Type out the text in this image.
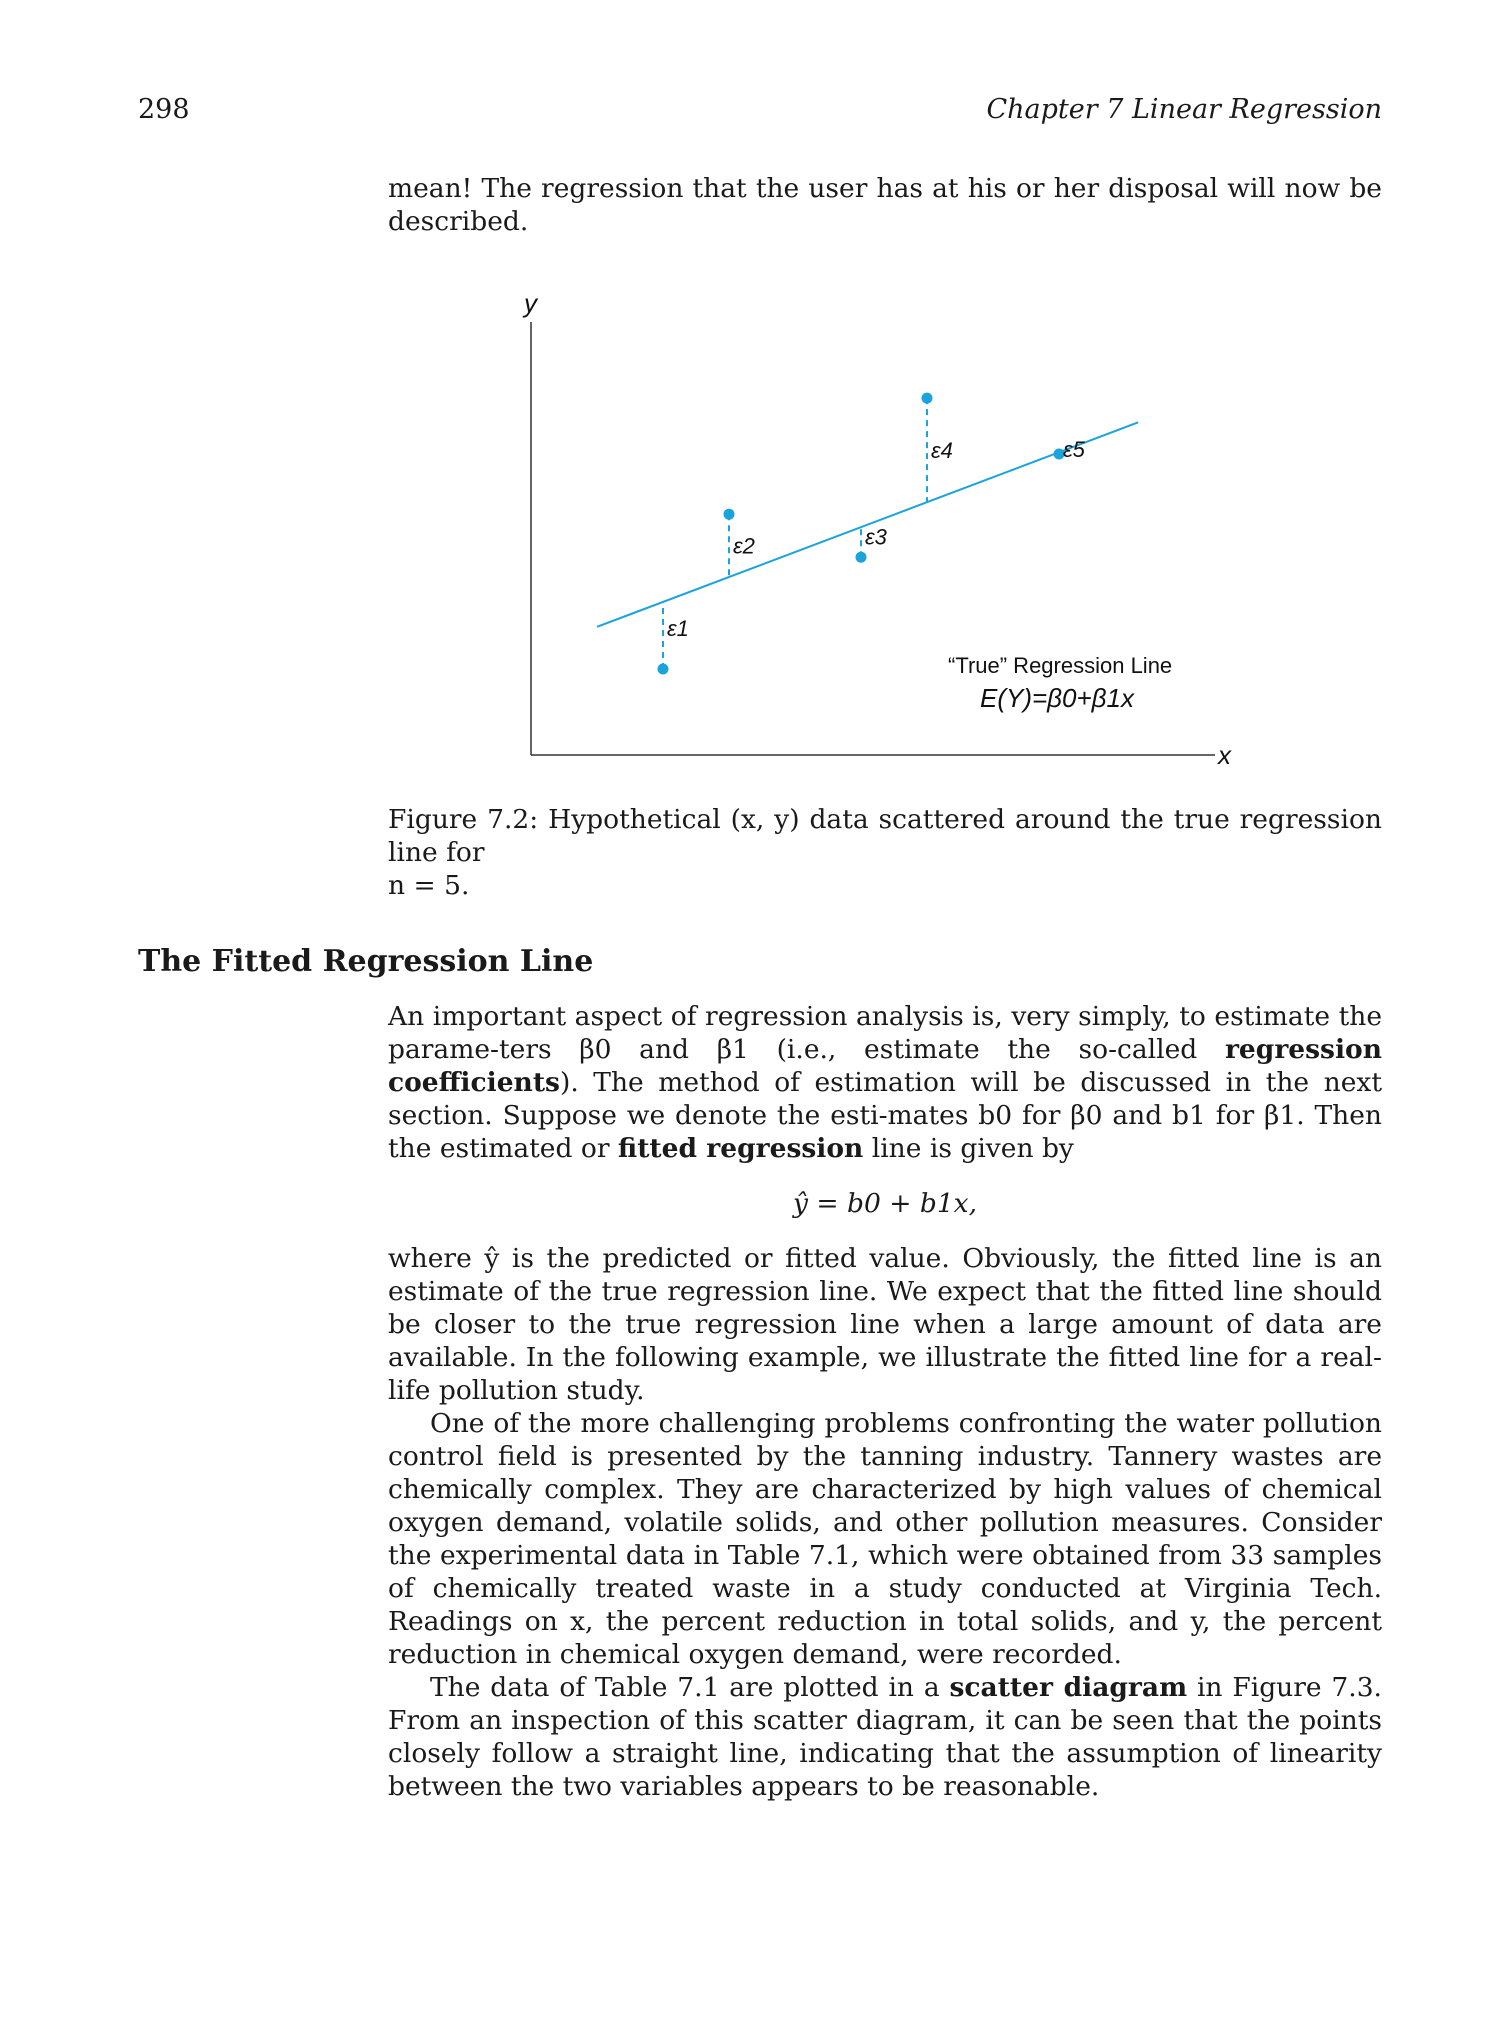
298	Chapter 7 Linear Regression
mean! The regression that the user has at his or her disposal will now be described.
y
x
ε1
ε2	ε3
ε4	ε5
“True” Regression Line
E(Y)=β0+β1x
Figure 7.2: Hypothetical (x, y) data scattered around the true regression line for
n = 5.
The Fitted Regression Line

An important aspect of regression analysis is, very simply, to estimate the parame-ters β0 and β1 (i.e., estimate the so-called regression coefficients). The method of estimation will be discussed in the next section. Suppose we denote the esti-mates b0 for β0 and b1 for β1. Then the estimated or fitted regression line is given by

ŷ = b0 + b1x,

where ŷ is the predicted or fitted value. Obviously, the fitted line is an estimate of the true regression line. We expect that the fitted line should be closer to the true regression line when a large amount of data are available. In the following example, we illustrate the fitted line for a real-life pollution study.

One of the more challenging problems confronting the water pollution control field is presented by the tanning industry. Tannery wastes are chemically complex. They are characterized by high values of chemical oxygen demand, volatile solids, and other pollution measures. Consider the experimental data in Table 7.1, which were obtained from 33 samples of chemically treated waste in a study conducted at Virginia Tech. Readings on x, the percent reduction in total solids, and y, the percent reduction in chemical oxygen demand, were recorded.

The data of Table 7.1 are plotted in a scatter diagram in Figure 7.3. From an inspection of this scatter diagram, it can be seen that the points closely follow a straight line, indicating that the assumption of linearity between the two variables appears to be reasonable.
